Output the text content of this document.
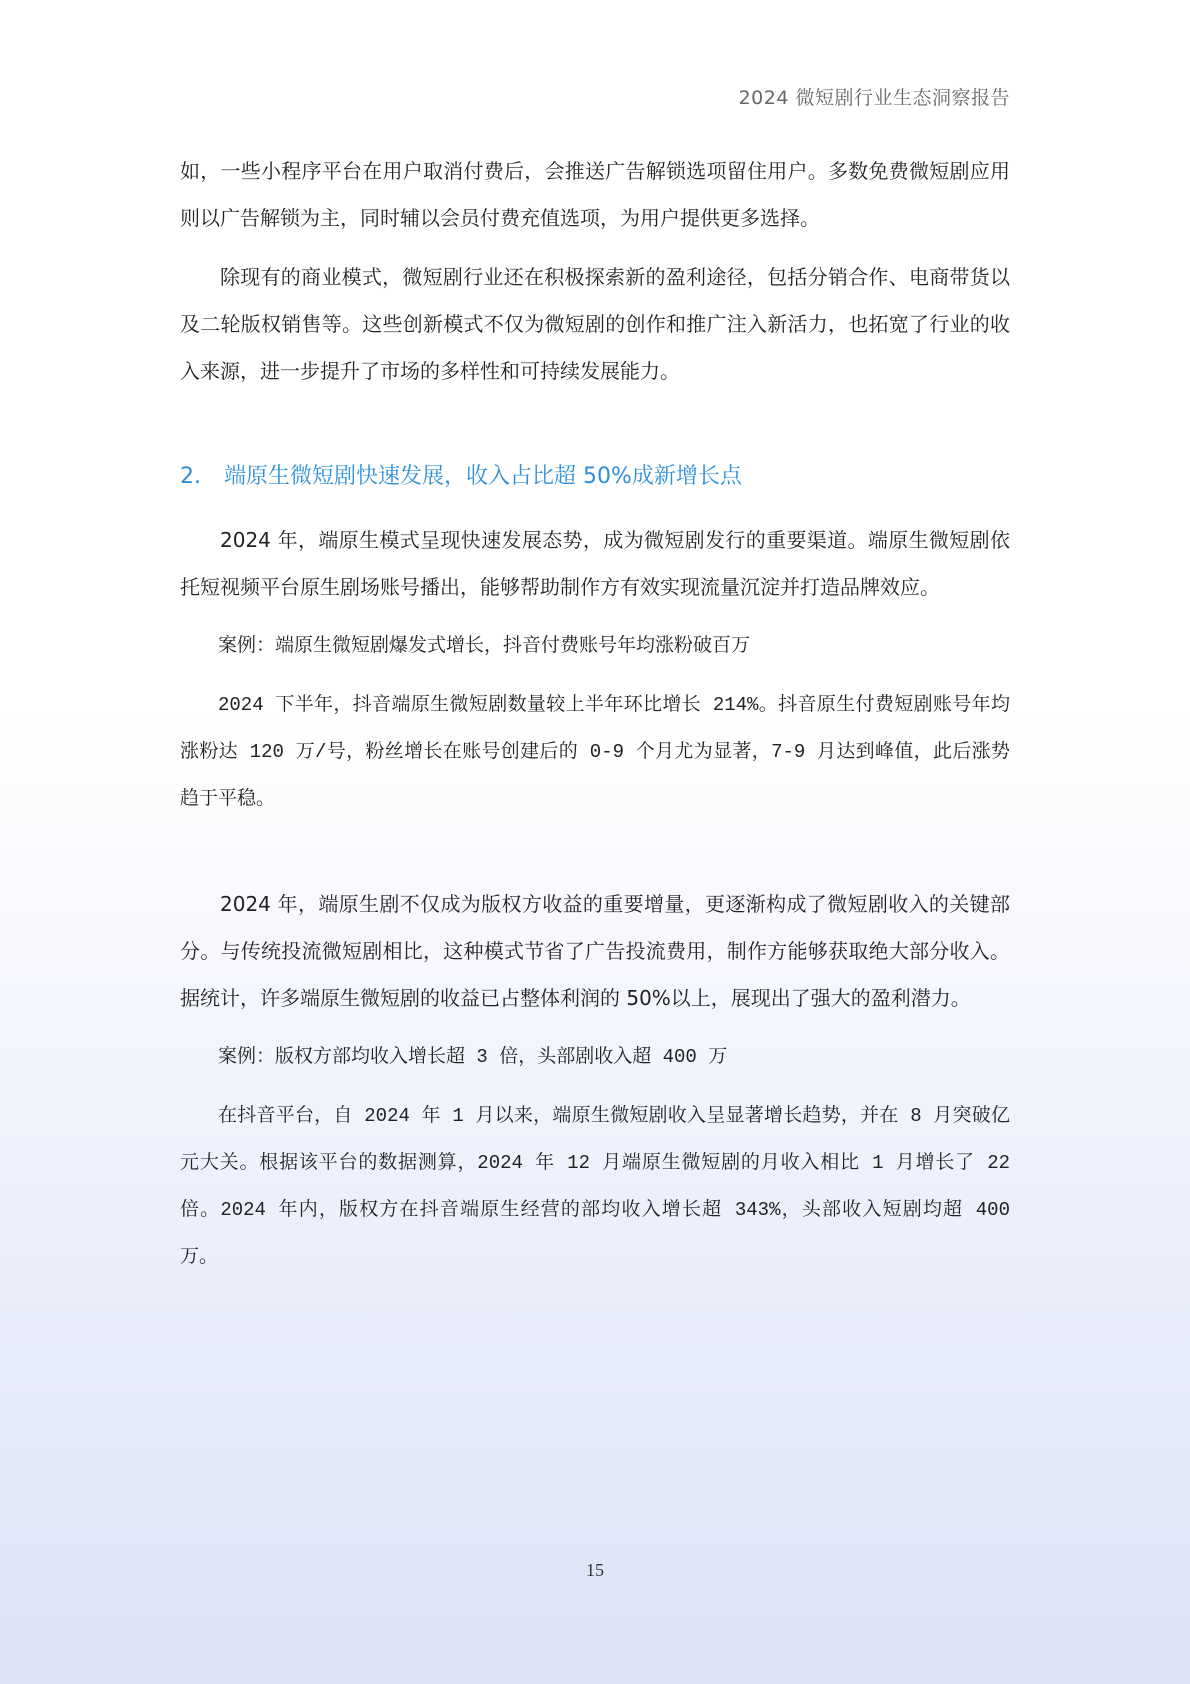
2024 微短剧行业生态洞察报告

如，一些小程序平台在用户取消付费后，会推送广告解锁选项留住用户。多数免费微短剧应用则以广告解锁为主，同时辅以会员付费充值选项，为用户提供更多选择。

除现有的商业模式，微短剧行业还在积极探索新的盈利途径，包括分销合作、电商带货以及二轮版权销售等。这些创新模式不仅为微短剧的创作和推广注入新活力，也拓宽了行业的收入来源，进一步提升了市场的多样性和可持续发展能力。

2. 端原生微短剧快速发展，收入占比超 50%成新增长点

2024 年，端原生模式呈现快速发展态势，成为微短剧发行的重要渠道。端原生微短剧依托短视频平台原生剧场账号播出，能够帮助制作方有效实现流量沉淀并打造品牌效应。

案例：端原生微短剧爆发式增长，抖音付费账号年均涨粉破百万

2024 下半年，抖音端原生微短剧数量较上半年环比增长 214%。抖音原生付费短剧账号年均涨粉达 120 万/号，粉丝增长在账号创建后的 0-9 个月尤为显著，7-9 月达到峰值，此后涨势趋于平稳。

2024 年，端原生剧不仅成为版权方收益的重要增量，更逐渐构成了微短剧收入的关键部分。与传统投流微短剧相比，这种模式节省了广告投流费用，制作方能够获取绝大部分收入。据统计，许多端原生微短剧的收益已占整体利润的 50%以上，展现出了强大的盈利潜力。

案例：版权方部均收入增长超 3 倍，头部剧收入超 400 万

在抖音平台，自 2024 年 1 月以来，端原生微短剧收入呈显著增长趋势，并在 8 月突破亿元大关。根据该平台的数据测算，2024 年 12 月端原生微短剧的月收入相比 1 月增长了 22 倍。2024 年内，版权方在抖音端原生经营的部均收入增长超 343%，头部收入短剧均超 400 万。

15
